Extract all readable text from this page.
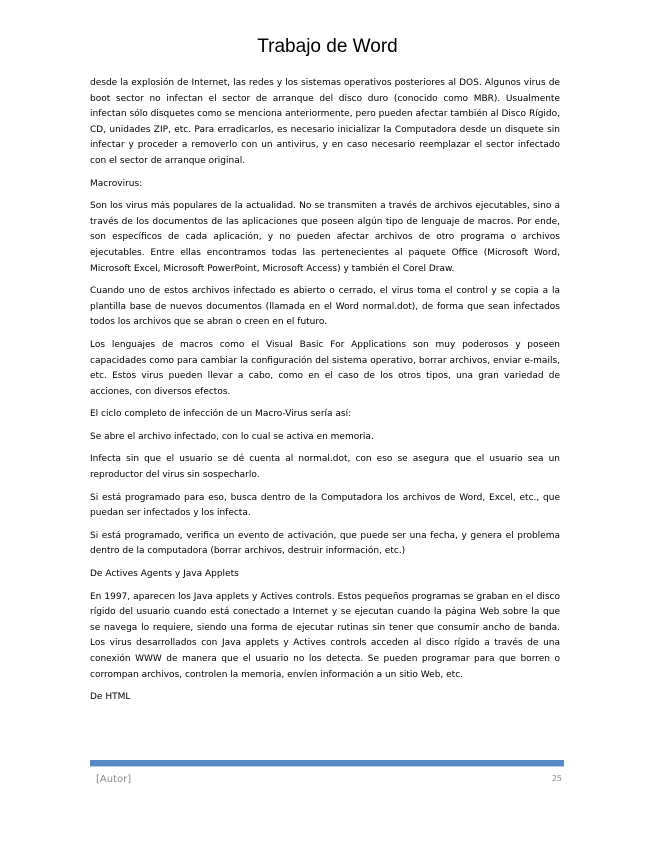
Trabajo de Word

desde la explosión de Internet, las redes y los sistemas operativos posteriores al DOS. Algunos virus de boot sector no infectan el sector de arranque del disco duro (conocido como MBR). Usualmente infectan sólo disquetes como se menciona anteriormente, pero pueden afectar también al Disco Rígido, CD, unidades ZIP, etc. Para erradicarlos, es necesario inicializar la Computadora desde un disquete sin infectar y proceder a removerlo con un antivirus, y en caso necesario reemplazar el sector infectado con el sector de arranque original.

Macrovirus:

Son los virus más populares de la actualidad. No se transmiten a través de archivos ejecutables, sino a través de los documentos de las aplicaciones que poseen algún tipo de lenguaje de macros. Por ende, son específicos de cada aplicación, y no pueden afectar archivos de otro programa o archivos ejecutables. Entre ellas encontramos todas las pertenecientes al paquete Office (Microsoft Word, Microsoft Excel, Microsoft PowerPoint, Microsoft Access) y también el Corel Draw.

Cuando uno de estos archivos infectado es abierto o cerrado, el virus toma el control y se copia a la plantilla base de nuevos documentos (llamada en el Word normal.dot), de forma que sean infectados todos los archivos que se abran o creen en el futuro.

Los lenguajes de macros como el Visual Basic For Applications son muy poderosos y poseen capacidades como para cambiar la configuración del sistema operativo, borrar archivos, enviar e-mails, etc. Estos virus pueden llevar a cabo, como en el caso de los otros tipos, una gran variedad de acciones, con diversos efectos.

El ciclo completo de infección de un Macro-Virus sería así:

Se abre el archivo infectado, con lo cual se activa en memoria.

Infecta sin que el usuario se dé cuenta al normal.dot, con eso se asegura que el usuario sea un reproductor del virus sin sospecharlo.

Si está programado para eso, busca dentro de la Computadora los archivos de Word, Excel, etc., que puedan ser infectados y los infecta.

Si está programado, verifica un evento de activación, que puede ser una fecha, y genera el problema dentro de la computadora (borrar archivos, destruir información, etc.)

De Actives Agents y Java Applets

En 1997, aparecen los Java applets y Actives controls. Estos pequeños programas se graban en el disco rígido del usuario cuando está conectado a Internet y se ejecutan cuando la página Web sobre la que se navega lo requiere, siendo una forma de ejecutar rutinas sin tener que consumir ancho de banda. Los virus desarrollados con Java applets y Actives controls acceden al disco rígido a través de una conexión WWW de manera que el usuario no los detecta. Se pueden programar para que borren o corrompan archivos, controlen la memoria, envíen información a un sitio Web, etc.

De HTML

[Autor]	25
